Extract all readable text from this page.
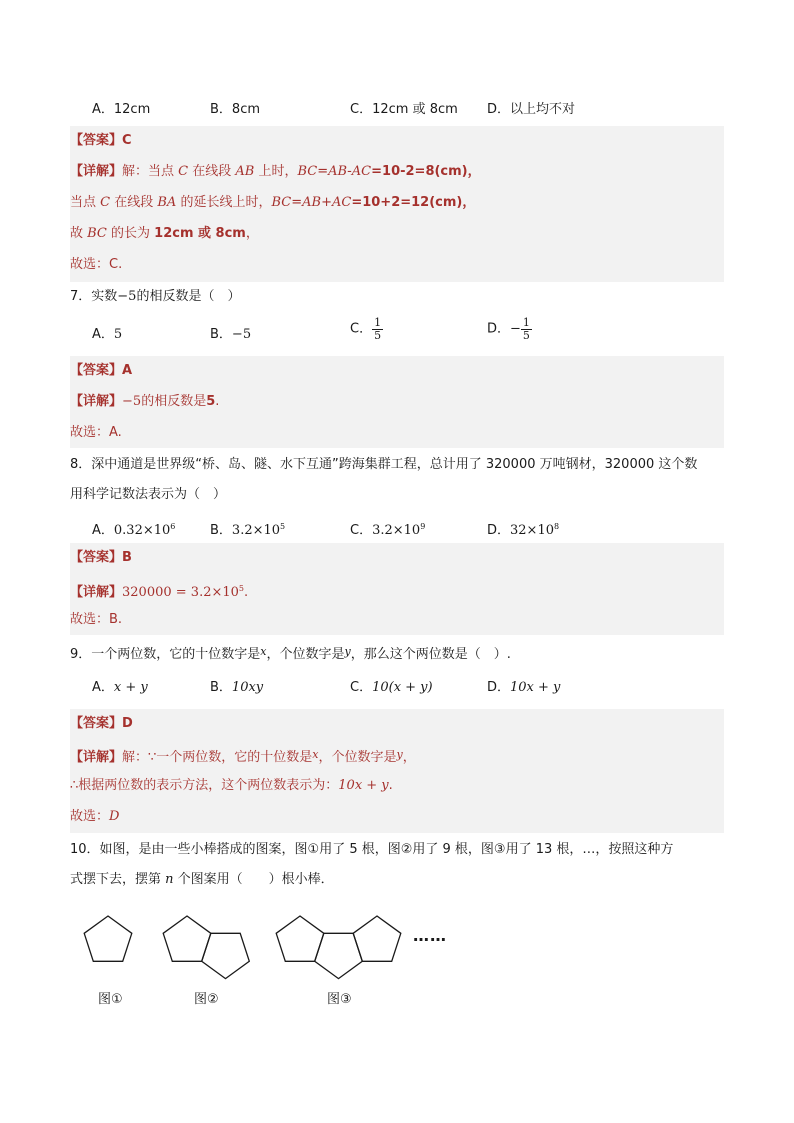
A．12cm	B．8cm	C．12cm 或 8cm D．以上均不对
【答案】C
【详解】解：当点 C 在线段 AB 上时，BC=AB-AC=10-2=8(cm)，
当点 C 在线段 BA 的延长线上时，BC=AB+AC=10+2=12(cm)，
故 BC 的长为 12cm 或 8cm，
故选：C.
7．实数−5的相反数是（　）
A．5	B．−5	C． $\frac{1}{5}$	D．− $\frac{1}{5}$
【答案】A
【详解】−5的相反数是5.
故选：A.
8．深中通道是世界级“桥、岛、隧、水下互通”跨海集群工程，总计用了 320000 万吨钢材，320000 这个数
用科学记数法表示为（　）
A．$0.32\times 10^6$	B．$3.2\times 10^5$	C．$3.2\times 10^9$	D．$32\times 10^8$
【答案】B
【详解】$320000 = 3.2\times 10^5$.
故选：B.
9．一个两位数，它的十位数字是$^x$，个位数字是$^y$，那么这个两位数是（　）.
A．x + y	B．10xy	C．10(x + y)	D．10x + y
【答案】D
【详解】解：∵一个两位数，它的十位数是$^x$，个位数字是$^y$，
∴根据两位数的表示方法，这个两位数表示为：10x + y.
故选：D
10．如图，是由一些小棒搭成的图案，图①用了 5 根，图②用了 9 根，图③用了 13 根，…，按照这种方
式摆下去，摆第 n 个图案用（　　）根小棒．
……
图①	图②	图③
